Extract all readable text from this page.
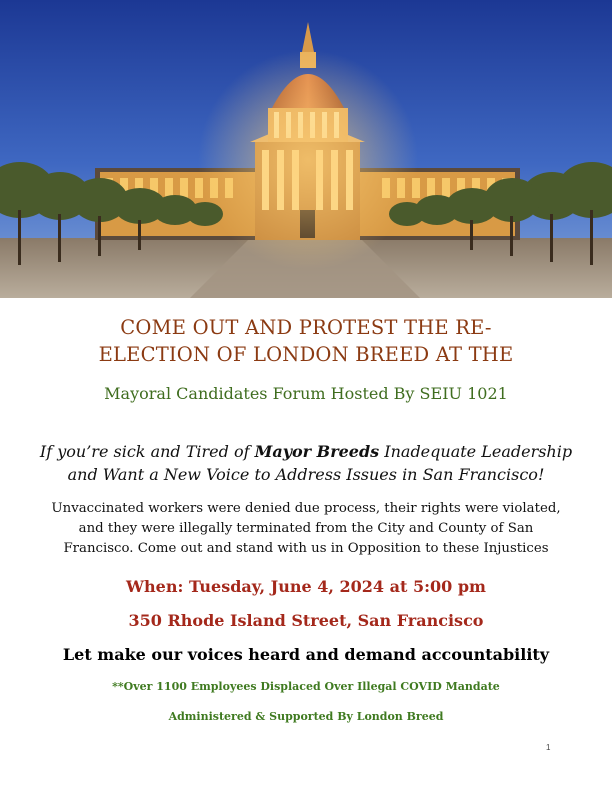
COME OUT AND PROTEST THE RE-
ELECTION OF LONDON BREED AT THE
Mayoral Candidates Forum Hosted By SEIU 1021
If you’re sick and Tired of Mayor Breeds Inadequate Leadership
and Want a New Voice to Address Issues in San Francisco!
Unvaccinated workers were denied due process, their rights were violated,
and they were illegally terminated from the City and County of San
Francisco. Come out and stand with us in Opposition to these Injustices
When: Tuesday, June 4, 2024 at 5:00 pm
350 Rhode Island Street, San Francisco
Let make our voices heard and demand accountability
**Over 1100 Employees Displaced Over Illegal COVID Mandate
Administered & Supported By London Breed
1
